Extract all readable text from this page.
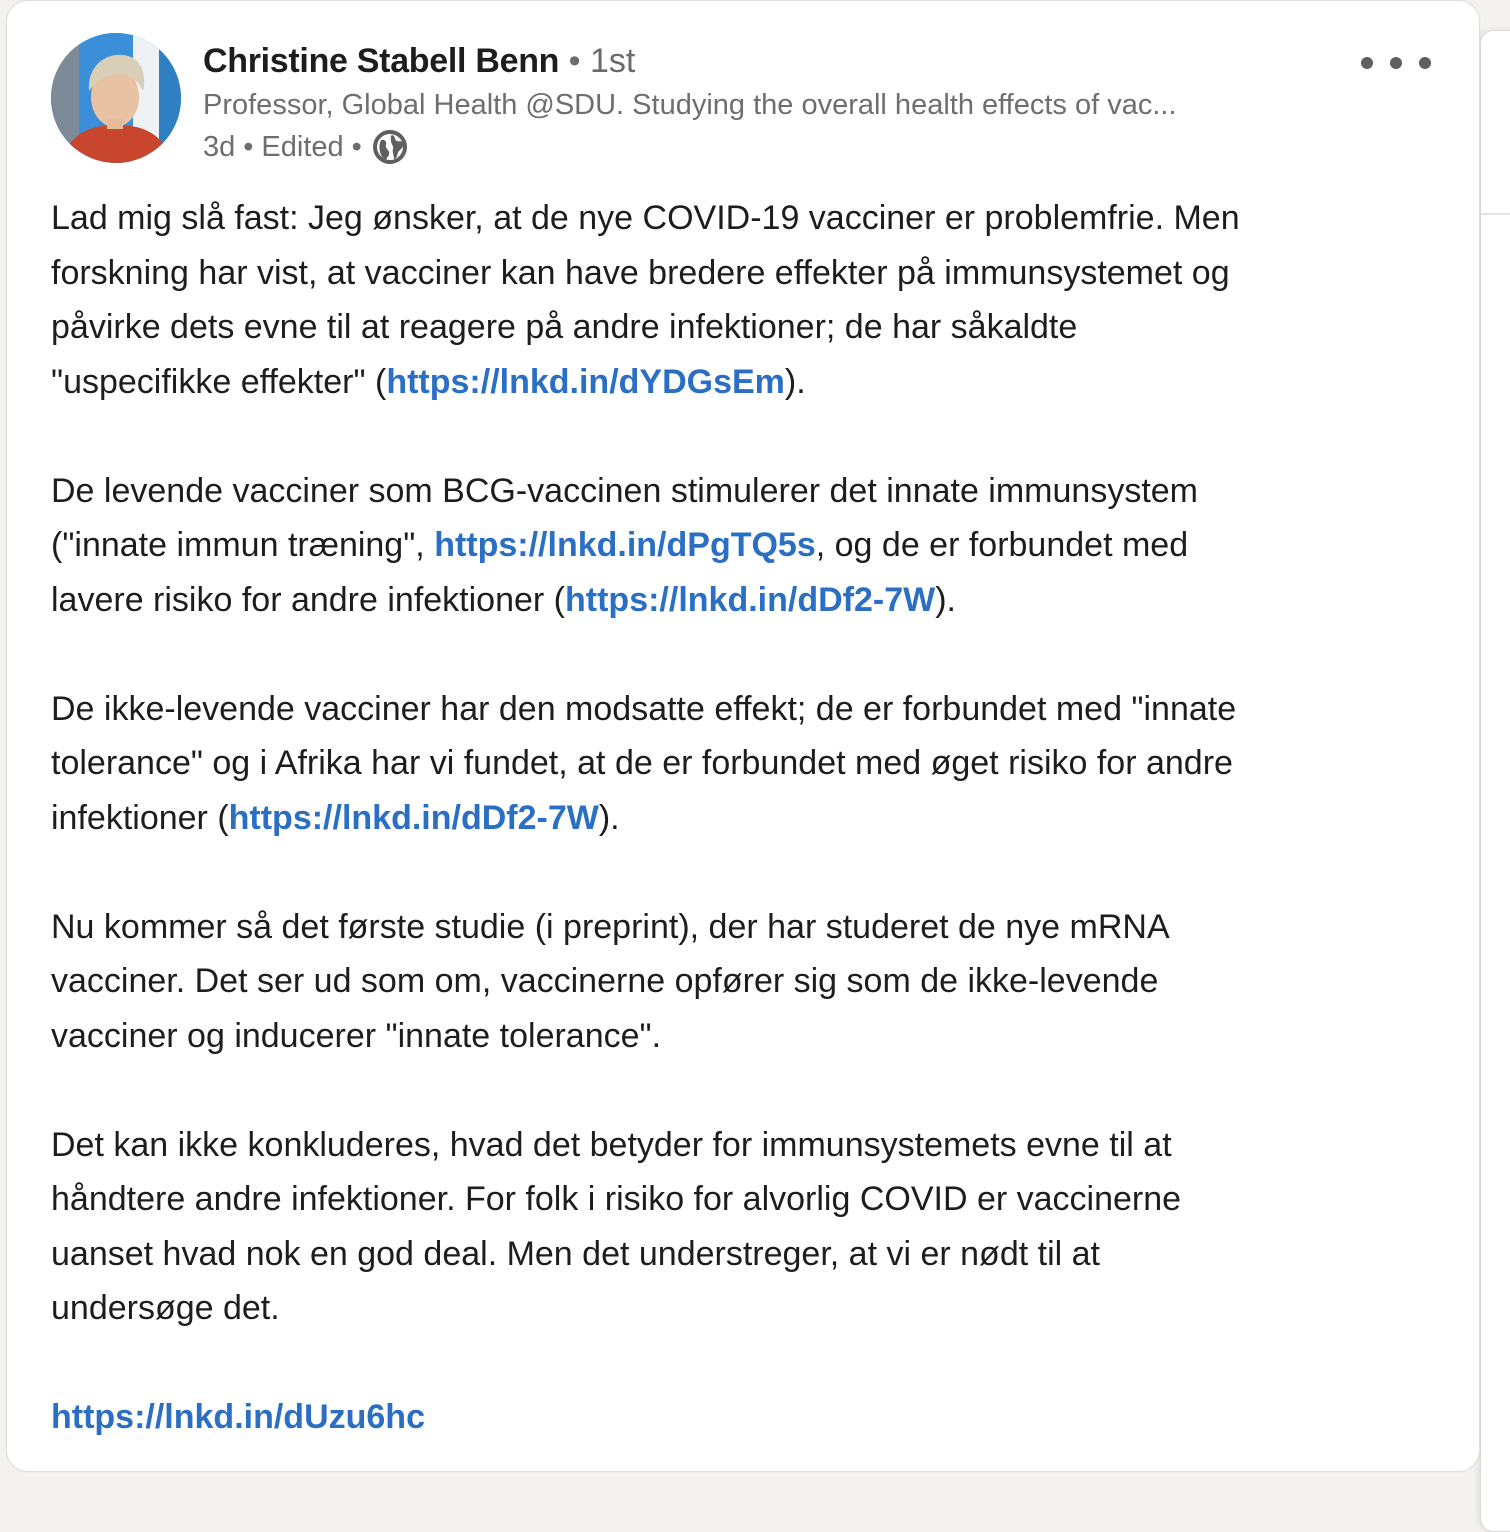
Christine Stabell Benn • 1st
Professor, Global Health @SDU. Studying the overall health effects of vac...
3d • Edited •
Lad mig slå fast: Jeg ønsker, at de nye COVID-19 vacciner er problemfrie. Men
forskning har vist, at vacciner kan have bredere effekter på immunsystemet og
påvirke dets evne til at reagere på andre infektioner; de har såkaldte
"uspecifikke effekter" (https://lnkd.in/dYDGsEm).
De levende vacciner som BCG-vaccinen stimulerer det innate immunsystem
("innate immun træning", https://lnkd.in/dPgTQ5s, og de er forbundet med
lavere risiko for andre infektioner (https://lnkd.in/dDf2-7W).
De ikke-levende vacciner har den modsatte effekt; de er forbundet med "innate
tolerance" og i Afrika har vi fundet, at de er forbundet med øget risiko for andre
infektioner (https://lnkd.in/dDf2-7W).
Nu kommer så det første studie (i preprint), der har studeret de nye mRNA
vacciner. Det ser ud som om, vaccinerne opfører sig som de ikke-levende
vacciner og inducerer "innate tolerance".
Det kan ikke konkluderes, hvad det betyder for immunsystemets evne til at
håndtere andre infektioner. For folk i risiko for alvorlig COVID er vaccinerne
uanset hvad nok en god deal. Men det understreger, at vi er nødt til at
undersøge det.
https://lnkd.in/dUzu6hc
